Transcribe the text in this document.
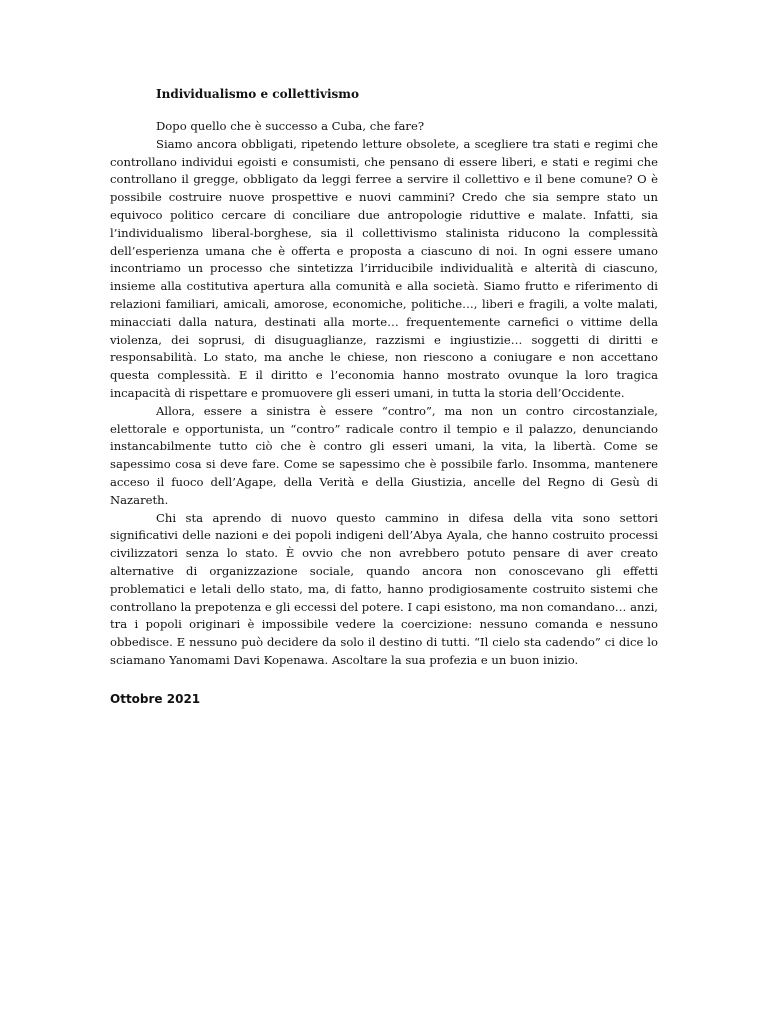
Individualismo e collettivismo

Dopo quello che è successo a Cuba, che fare?

Siamo ancora obbligati, ripetendo letture obsolete, a scegliere tra stati e regimi che controllano individui egoisti e consumisti, che pensano di essere liberi, e stati e regimi che controllano il gregge, obbligato da leggi ferree a servire il collettivo e il bene comune? O è possibile costruire nuove prospettive e nuovi cammini? Credo che sia sempre stato un equivoco politico cercare di conciliare due antropologie riduttive e malate. Infatti, sia l’individualismo liberal-borghese, sia il collettivismo stalinista riducono la complessità dell’esperienza umana che è offerta e proposta a ciascuno di noi. In ogni essere umano incontriamo un processo che sintetizza l’irriducibile individualità e alterità di ciascuno, insieme alla costitutiva apertura alla comunità e alla società. Siamo frutto e riferimento di relazioni familiari, amicali, amorose, economiche, politiche…, liberi e fragili, a volte malati, minacciati dalla natura, destinati alla morte… frequentemente carnefici o vittime della violenza, dei soprusi, di disuguaglianze, razzismi e ingiustizie… soggetti di diritti e responsabilità. Lo stato, ma anche le chiese, non riescono a coniugare e non accettano questa complessità. E il diritto e l’economia hanno mostrato ovunque la loro tragica incapacità di rispettare e promuovere gli esseri umani, in tutta la storia dell’Occidente.

Allora, essere a sinistra è essere “contro”, ma non un contro circostanziale, elettorale e opportunista, un “contro” radicale contro il tempio e il palazzo, denunciando instancabilmente tutto ciò che è contro gli esseri umani, la vita, la libertà. Come se sapessimo cosa si deve fare. Come se sapessimo che è possibile farlo. Insomma, mantenere acceso il fuoco dell’Agape, della Verità e della Giustizia, ancelle del Regno di Gesù di Nazareth.

Chi sta aprendo di nuovo questo cammino in difesa della vita sono settori significativi delle nazioni e dei popoli indigeni dell’Abya Ayala, che hanno costruito processi civilizzatori senza lo stato. È ovvio che non avrebbero potuto pensare di aver creato alternative di organizzazione sociale, quando ancora non conoscevano gli effetti problematici e letali dello stato, ma, di fatto, hanno prodigiosamente costruito sistemi che controllano la prepotenza e gli eccessi del potere. I capi esistono, ma non comandano… anzi, tra i popoli originari è impossibile vedere la coercizione: nessuno comanda e nessuno obbedisce. E nessuno può decidere da solo il destino di tutti. “Il cielo sta cadendo” ci dice lo sciamano Yanomami Davi Kopenawa. Ascoltare la sua profezia e un buon inizio.

Ottobre 2021
